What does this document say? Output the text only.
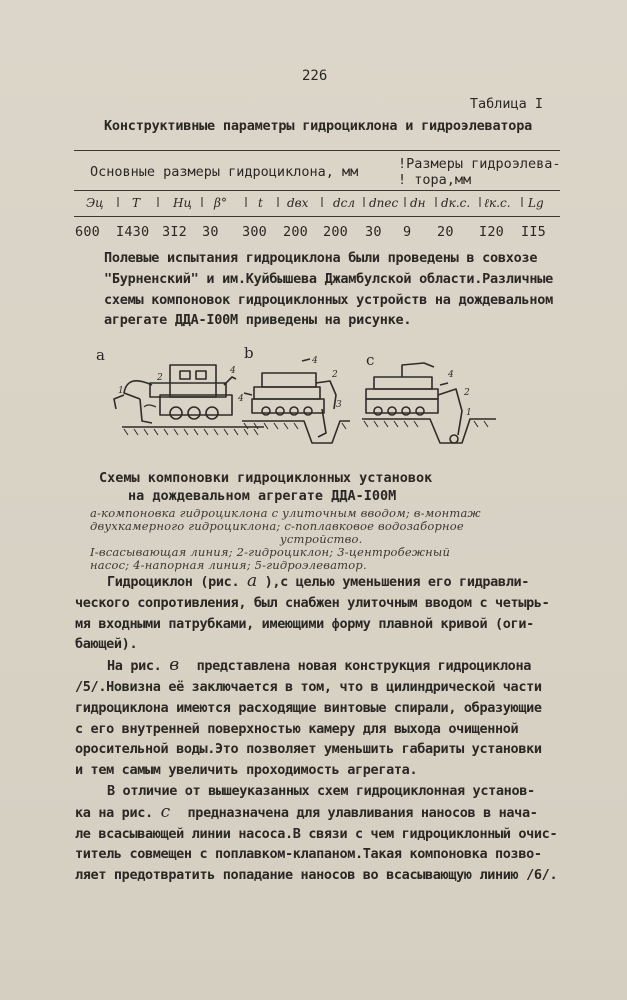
226
Таблица I
Конструктивные параметры гидроциклона и гидроэлеватора
Основные размеры гидроциклона, мм	!Размеры гидроэлева-
! тора,мм
Эц Т	Нц β°	t dвх dсл dпес dн dк.с. ℓк.с. Lg
600 I430 3I2 30 300 200 200 30 9 20 I20 II5
Полевые испытания гидроциклона были проведены в совхозе
"Бурненский" и им.Куйбышева Джамбулской области.Различные
схемы компоновок гидроциклонных устройств на дождевальном
агрегате ДДА-I00М приведены на рисунке.
a	b	c
2
4
1
4
4
2
3
4
2
1
Схемы компоновки гидроциклонных установок
на дождевальном агрегате ДДА-I00М
а-компоновка гидроциклона с улиточным вводом; в-монтаж
двухкамерного гидроциклона; с-поплавковое водозаборное
устройство.
I-всасывающая линия; 2-гидроциклон; 3-центробежный
насос; 4-напорная линия; 5-гидроэлеватор.
Гидроциклон (рис. а ),с целью уменьшения его гидравли-
ческого сопротивления, был снабжен улиточным вводом с четырь-
мя входными патрубками, имеющими форму плавной кривой (оги-
бающей).
На рис. в представлена новая конструкция гидроциклона
/5/.Новизна её заключается в том, что в цилиндрической части
гидроциклона имеются расходящие винтовые спирали, образующие
с его внутренней поверхностью камеру для выхода очищенной
оросительной воды.Это позволяет уменьшить габариты установки
и тем самым увеличить проходимость агрегата.
В отличие от вышеуказанных схем гидроциклонная установ-
ка на рис. с предназначена для улавливания наносов в нача-
ле всасывающей линии насоса.В связи с чем гидроциклонный очис-
титель совмещен с поплавком-клапаном.Такая компоновка позво-
ляет предотвратить попадание наносов во всасывающую линию /6/.
